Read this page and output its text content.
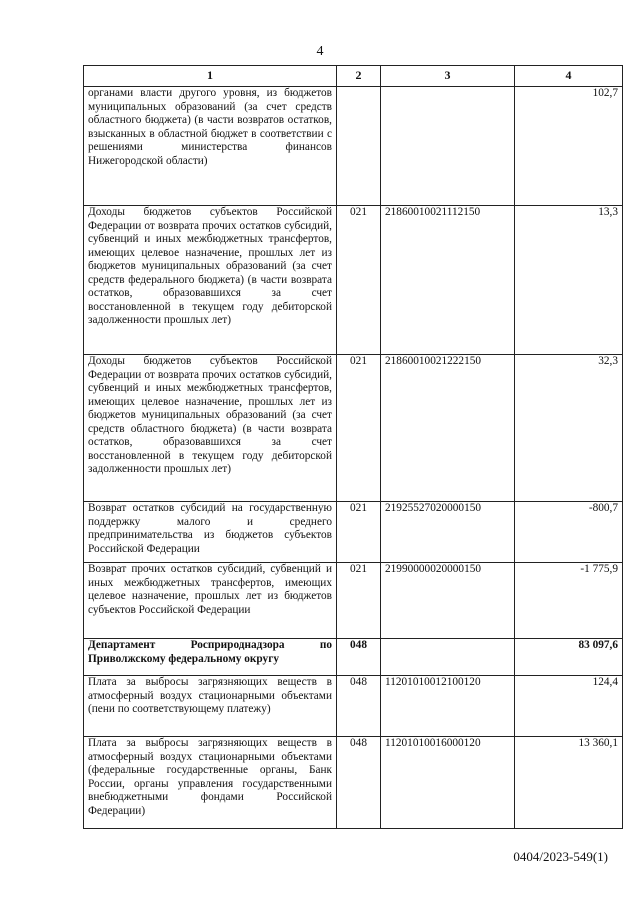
4
1	2	3	4
органами власти другого уровня, из бюджетов муниципальных образований (за счет средств областного бюджета) (в части возвратов остатков, взысканных в областной бюджет в соответствии с решениями министерства финансов Нижегородской области)			102,7
Доходы бюджетов субъектов Российской Федерации от возврата прочих остатков субсидий, субвенций и иных межбюджетных трансфертов, имеющих целевое назначение, прошлых лет из бюджетов муниципальных образований (за счет средств федерального бюджета) (в части возврата остатков, образовавшихся за счет восстановленной в текущем году дебиторской задолженности прошлых лет)	021	21860010021112150	13,3
Доходы бюджетов субъектов Российской Федерации от возврата прочих остатков субсидий, субвенций и иных межбюджетных трансфертов, имеющих целевое назначение, прошлых лет из бюджетов муниципальных образований (за счет средств областного бюджета) (в части возврата остатков, образовавшихся за счет восстановленной в текущем году дебиторской задолженности прошлых лет)	021	21860010021222150	32,3
Возврат остатков субсидий на государственную поддержку малого и среднего предпринимательства из бюджетов субъектов Российской Федерации	021	21925527020000150	-800,7
Возврат прочих остатков субсидий, субвенций и иных межбюджетных трансфертов, имеющих целевое назначение, прошлых лет из бюджетов субъектов Российской Федерации	021	21990000020000150	-1 775,9
Департамент Росприроднадзора по Приволжскому федеральному округу	048		83 097,6
Плата за выбросы загрязняющих веществ в атмосферный воздух стационарными объектами (пени по соответствующему платежу)	048	11201010012100120	124,4
Плата за выбросы загрязняющих веществ в атмосферный воздух стационарными объектами (федеральные государственные органы, Банк России, органы управления государственными внебюджетными фондами Российской Федерации)	048	11201010016000120	13 360,1
0404/2023-549(1)
